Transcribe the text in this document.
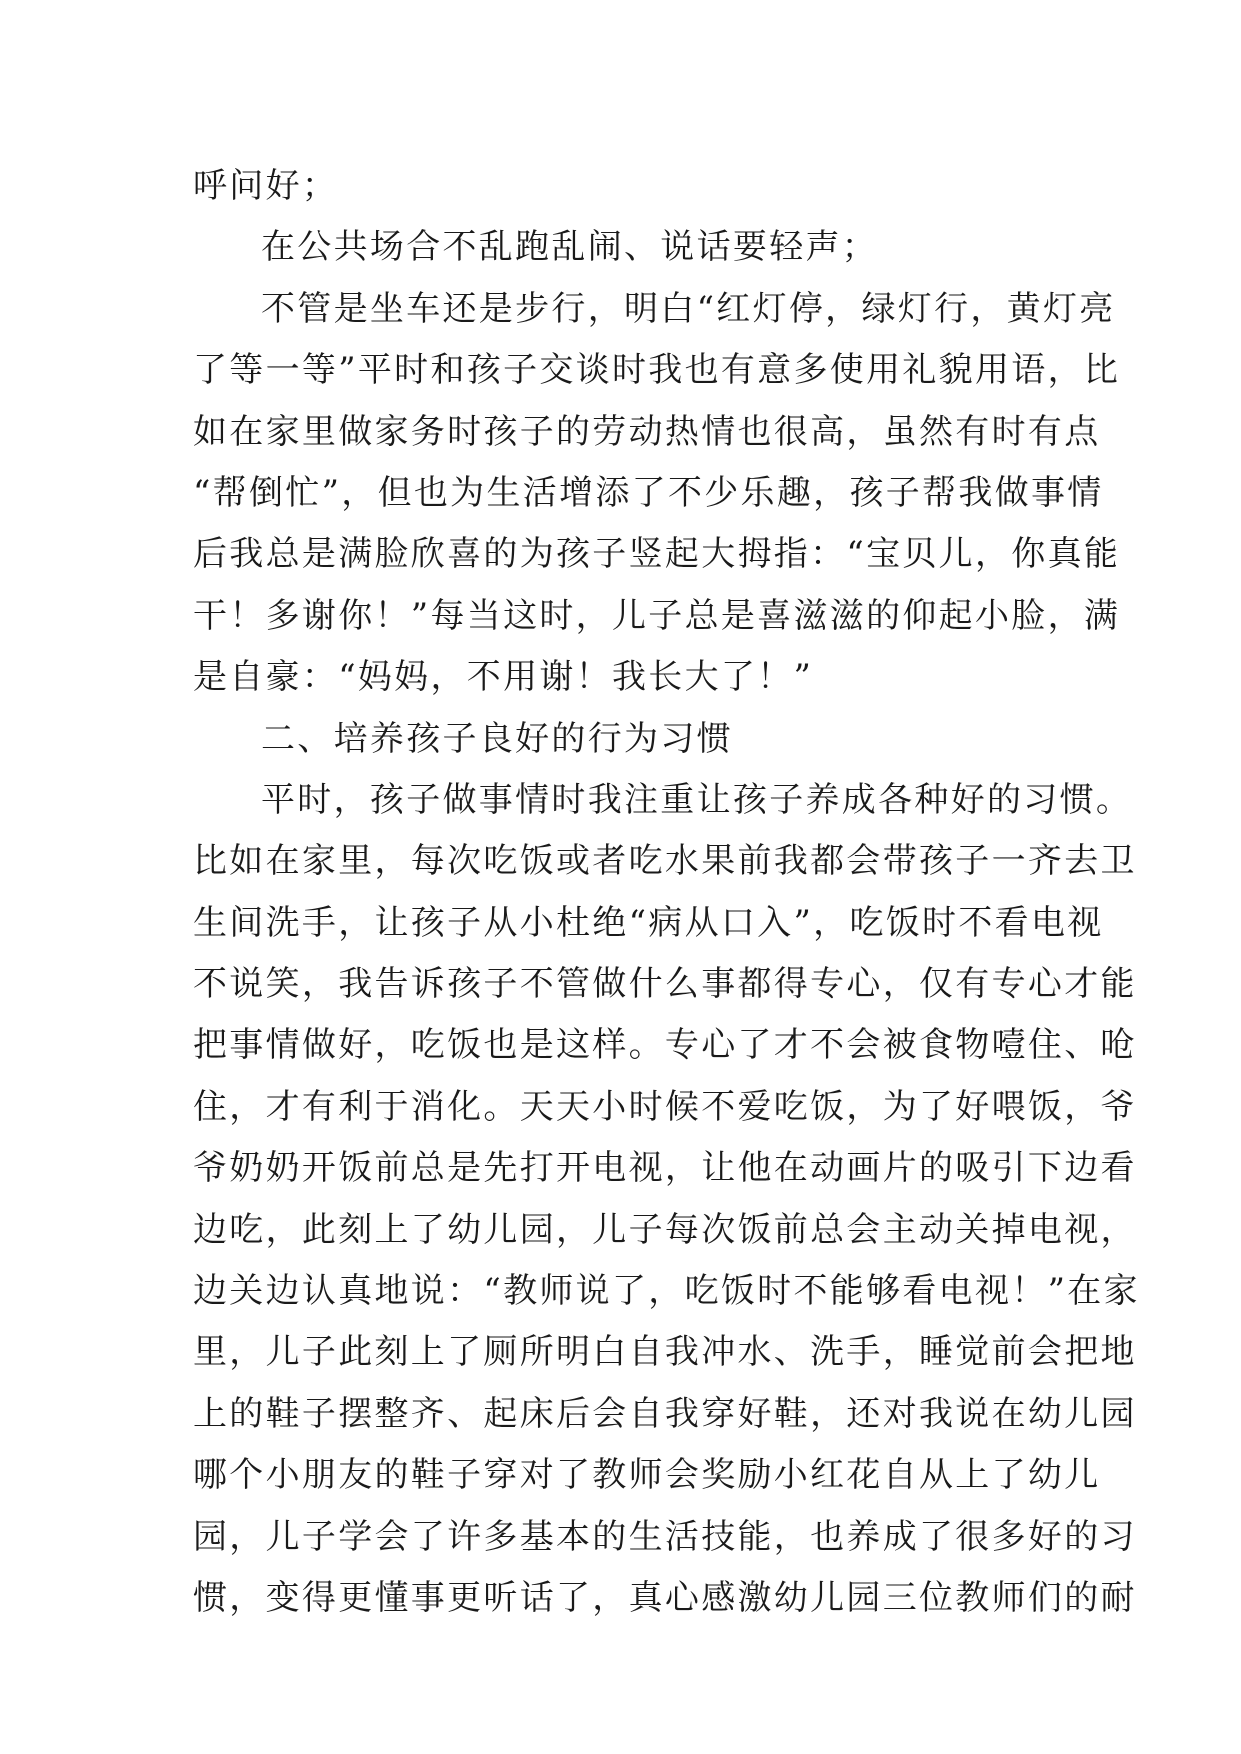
呼问好；
在公共场合不乱跑乱闹、说话要轻声；
不管是坐车还是步行，明白“红灯停，绿灯行，黄灯亮
了等一等”平时和孩子交谈时我也有意多使用礼貌用语，比
如在家里做家务时孩子的劳动热情也很高，虽然有时有点
“帮倒忙”，但也为生活增添了不少乐趣，孩子帮我做事情
后我总是满脸欣喜的为孩子竖起大拇指：“宝贝儿，你真能
干！多谢你！”每当这时，儿子总是喜滋滋的仰起小脸，满
是自豪：“妈妈，不用谢！我长大了！”
二、培养孩子良好的行为习惯
平时，孩子做事情时我注重让孩子养成各种好的习惯。
比如在家里，每次吃饭或者吃水果前我都会带孩子一齐去卫
生间洗手，让孩子从小杜绝“病从口入”，吃饭时不看电视
不说笑，我告诉孩子不管做什么事都得专心，仅有专心才能
把事情做好，吃饭也是这样。专心了才不会被食物噎住、呛
住，才有利于消化。天天小时候不爱吃饭，为了好喂饭，爷
爷奶奶开饭前总是先打开电视，让他在动画片的吸引下边看
边吃，此刻上了幼儿园，儿子每次饭前总会主动关掉电视，
边关边认真地说：“教师说了，吃饭时不能够看电视！”在家
里，儿子此刻上了厕所明白自我冲水、洗手，睡觉前会把地
上的鞋子摆整齐、起床后会自我穿好鞋，还对我说在幼儿园
哪个小朋友的鞋子穿对了教师会奖励小红花自从上了幼儿
园，儿子学会了许多基本的生活技能，也养成了很多好的习
惯，变得更懂事更听话了，真心感激幼儿园三位教师们的耐
